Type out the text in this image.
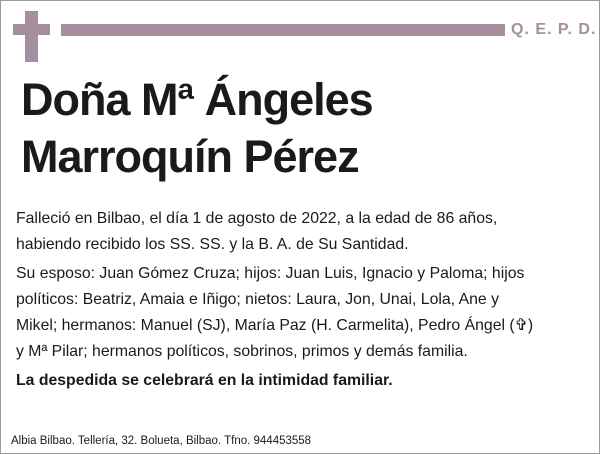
Q. E. P. D.
Doña Mª Ángeles
Marroquín Pérez

Falleció en Bilbao, el día 1 de agosto de 2022, a la edad de 86 años,
habiendo recibido los SS. SS. y la B. A. de Su Santidad.

Su esposo: Juan Gómez Cruza; hijos: Juan Luis, Ignacio y Paloma; hijos
políticos: Beatriz, Amaia e Iñigo; nietos: Laura, Jon, Unai, Lola, Ane y
Mikel; hermanos: Manuel (SJ), María Paz (H. Carmelita), Pedro Ángel (✞)
y Mª Pilar; hermanos políticos, sobrinos, primos y demás familia.

La despedida se celebrará en la intimidad familiar.

Albia Bilbao. Tellería, 32. Bolueta, Bilbao. Tfno. 944453558
